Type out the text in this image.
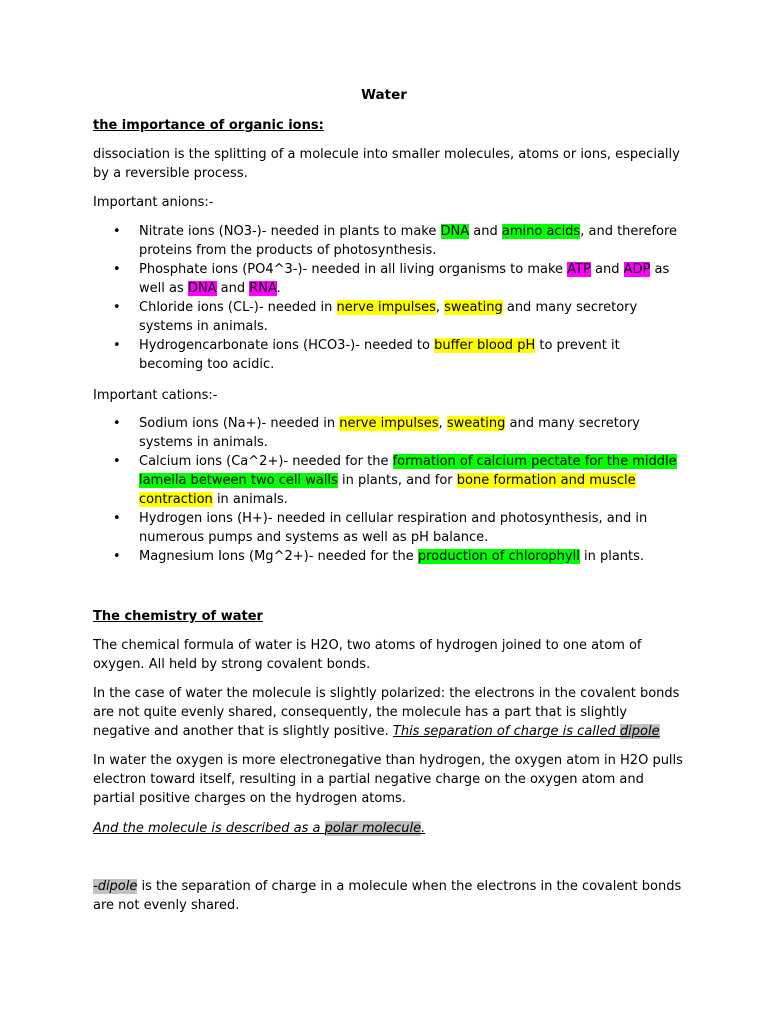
Water

the importance of organic ions:

dissociation is the splitting of a molecule into smaller molecules, atoms or ions, especially by a reversible process.

Important anions:-

• Nitrate ions (NO3-)- needed in plants to make DNA and amino acids, and therefore proteins from the products of photosynthesis.
• Phosphate ions (PO4^3-)- needed in all living organisms to make ATP and ADP as well as DNA and RNA.
• Chloride ions (CL-)- needed in nerve impulses, sweating and many secretory systems in animals.
• Hydrogencarbonate ions (HCO3-)- needed to buffer blood pH to prevent it becoming too acidic.

Important cations:-

• Sodium ions (Na+)- needed in nerve impulses, sweating and many secretory systems in animals.
• Calcium ions (Ca^2+)- needed for the formation of calcium pectate for the middle lamella between two cell walls in plants, and for bone formation and muscle contraction in animals.
• Hydrogen ions (H+)- needed in cellular respiration and photosynthesis, and in numerous pumps and systems as well as pH balance.
• Magnesium Ions (Mg^2+)- needed for the production of chlorophyll in plants.

The chemistry of water

The chemical formula of water is H2O, two atoms of hydrogen joined to one atom of oxygen. All held by strong covalent bonds.

In the case of water the molecule is slightly polarized: the electrons in the covalent bonds are not quite evenly shared, consequently, the molecule has a part that is slightly negative and another that is slightly positive. This separation of charge is called dipole

In water the oxygen is more electronegative than hydrogen, the oxygen atom in H2O pulls electron toward itself, resulting in a partial negative charge on the oxygen atom and partial positive charges on the hydrogen atoms.

And the molecule is described as a polar molecule.

-dipole is the separation of charge in a molecule when the electrons in the covalent bonds are not evenly shared.
